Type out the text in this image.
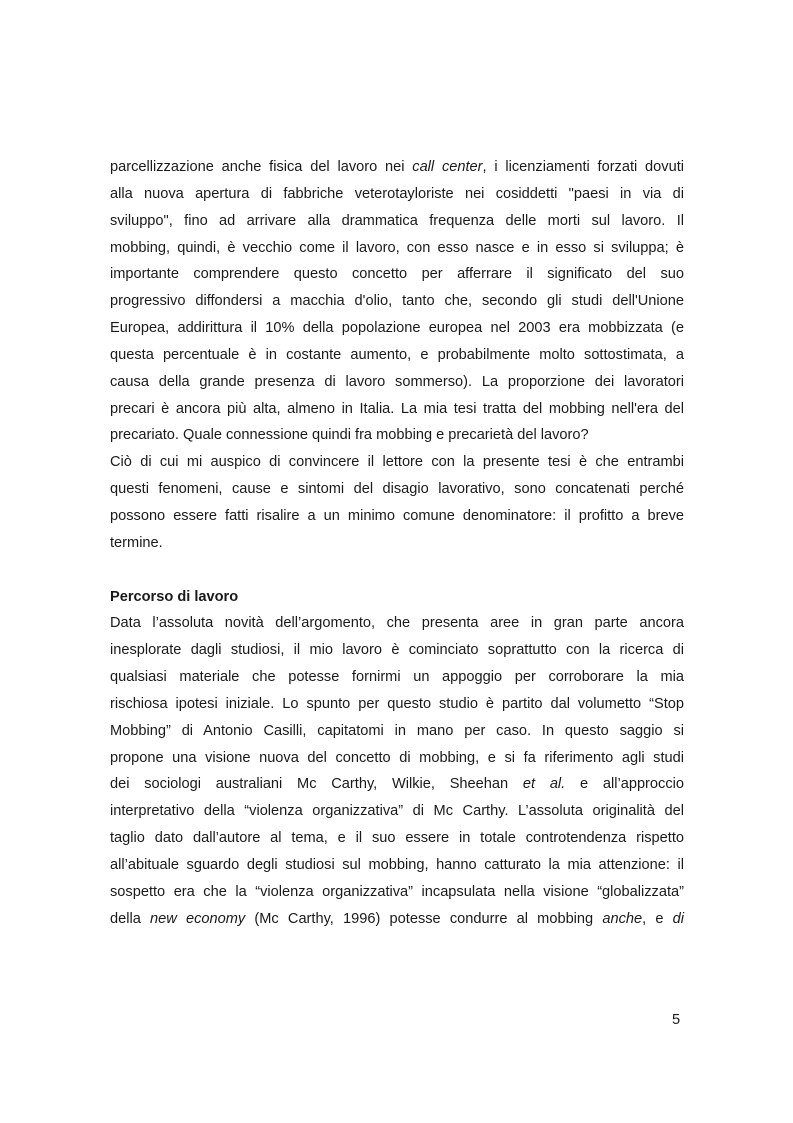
parcellizzazione anche fisica del lavoro nei call center, i licenziamenti forzati dovuti
alla nuova apertura di fabbriche veterotayloriste nei cosiddetti "paesi in via di
sviluppo", fino ad arrivare alla drammatica frequenza delle morti sul lavoro. Il
mobbing, quindi, è vecchio come il lavoro, con esso nasce e in esso si sviluppa; è
importante comprendere questo concetto per afferrare il significato del suo
progressivo diffondersi a macchia d'olio, tanto che, secondo gli studi dell'Unione
Europea, addirittura il 10% della popolazione europea nel 2003 era mobbizzata (e
questa percentuale è in costante aumento, e probabilmente molto sottostimata, a
causa della grande presenza di lavoro sommerso). La proporzione dei lavoratori
precari è ancora più alta, almeno in Italia. La mia tesi tratta del mobbing nell'era del
precariato. Quale connessione quindi fra mobbing e precarietà del lavoro?

Ciò di cui mi auspico di convincere il lettore con la presente tesi è che entrambi
questi fenomeni, cause e sintomi del disagio lavorativo, sono concatenati perché
possono essere fatti risalire a un minimo comune denominatore: il profitto a breve
termine.

Percorso di lavoro

Data l’assoluta novità dell’argomento, che presenta aree in gran parte ancora
inesplorate dagli studiosi, il mio lavoro è cominciato soprattutto con la ricerca di
qualsiasi materiale che potesse fornirmi un appoggio per corroborare la mia
rischiosa ipotesi iniziale. Lo spunto per questo studio è partito dal volumetto “Stop
Mobbing” di Antonio Casilli, capitatomi in mano per caso. In questo saggio si
propone una visione nuova del concetto di mobbing, e si fa riferimento agli studi
dei sociologi australiani Mc Carthy, Wilkie, Sheehan et al. e all’approccio
interpretativo della “violenza organizzativa” di Mc Carthy. L’assoluta originalità del
taglio dato dall’autore al tema, e il suo essere in totale controtendenza rispetto
all’abituale sguardo degli studiosi sul mobbing, hanno catturato la mia attenzione: il
sospetto era che la “violenza organizzativa” incapsulata nella visione “globalizzata”
della new economy (Mc Carthy, 1996) potesse condurre al mobbing anche, e di

5
